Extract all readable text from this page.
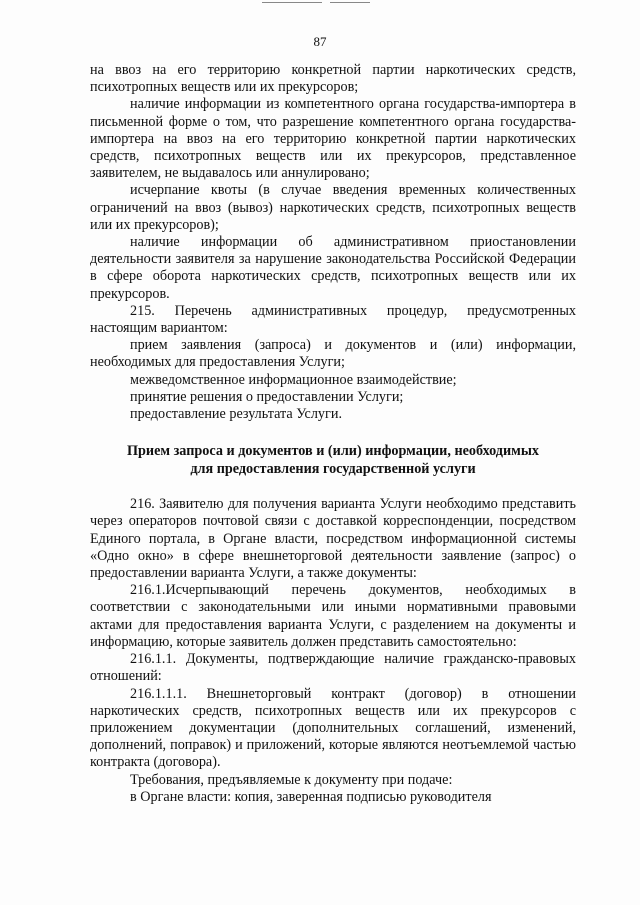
87

на ввоз на его территорию конкретной партии наркотических средств, психотропных веществ или их прекурсоров;

наличие информации из компетентного органа государства-импортера в письменной форме о том, что разрешение компетентного органа государства-импортера на ввоз на его территорию конкретной партии наркотических средств, психотропных веществ или их прекурсоров, представленное заявителем, не выдавалось или аннулировано;

исчерпание квоты (в случае введения временных количественных ограничений на ввоз (вывоз) наркотических средств, психотропных веществ или их прекурсоров);

наличие информации об административном приостановлении деятельности заявителя за нарушение законодательства Российской Федерации в сфере оборота наркотических средств, психотропных веществ или их прекурсоров.

215. Перечень административных процедур, предусмотренных настоящим вариантом:

прием заявления (запроса) и документов и (или) информации, необходимых для предоставления Услуги;

межведомственное информационное взаимодействие;

принятие решения о предоставлении Услуги;

предоставление результата Услуги.

Прием запроса и документов и (или) информации, необходимых
для предоставления государственной услуги

216. Заявителю для получения варианта Услуги необходимо представить через операторов почтовой связи с доставкой корреспонденции, посредством Единого портала, в Органе власти, посредством информационной системы «Одно окно» в сфере внешнеторговой деятельности заявление (запрос) о предоставлении варианта Услуги, а также документы:

216.1.Исчерпывающий перечень документов, необходимых в соответствии с законодательными или иными нормативными правовыми актами для предоставления варианта Услуги, с разделением на документы и информацию, которые заявитель должен представить самостоятельно:

216.1.1. Документы, подтверждающие наличие гражданско-правовых отношений:

216.1.1.1. Внешнеторговый контракт (договор) в отношении наркотических средств, психотропных веществ или их прекурсоров с приложением документации (дополнительных соглашений, изменений, дополнений, поправок) и приложений, которые являются неотъемлемой частью контракта (договора).

Требования, предъявляемые к документу при подаче:

в Органе власти: копия, заверенная подписью руководителя
